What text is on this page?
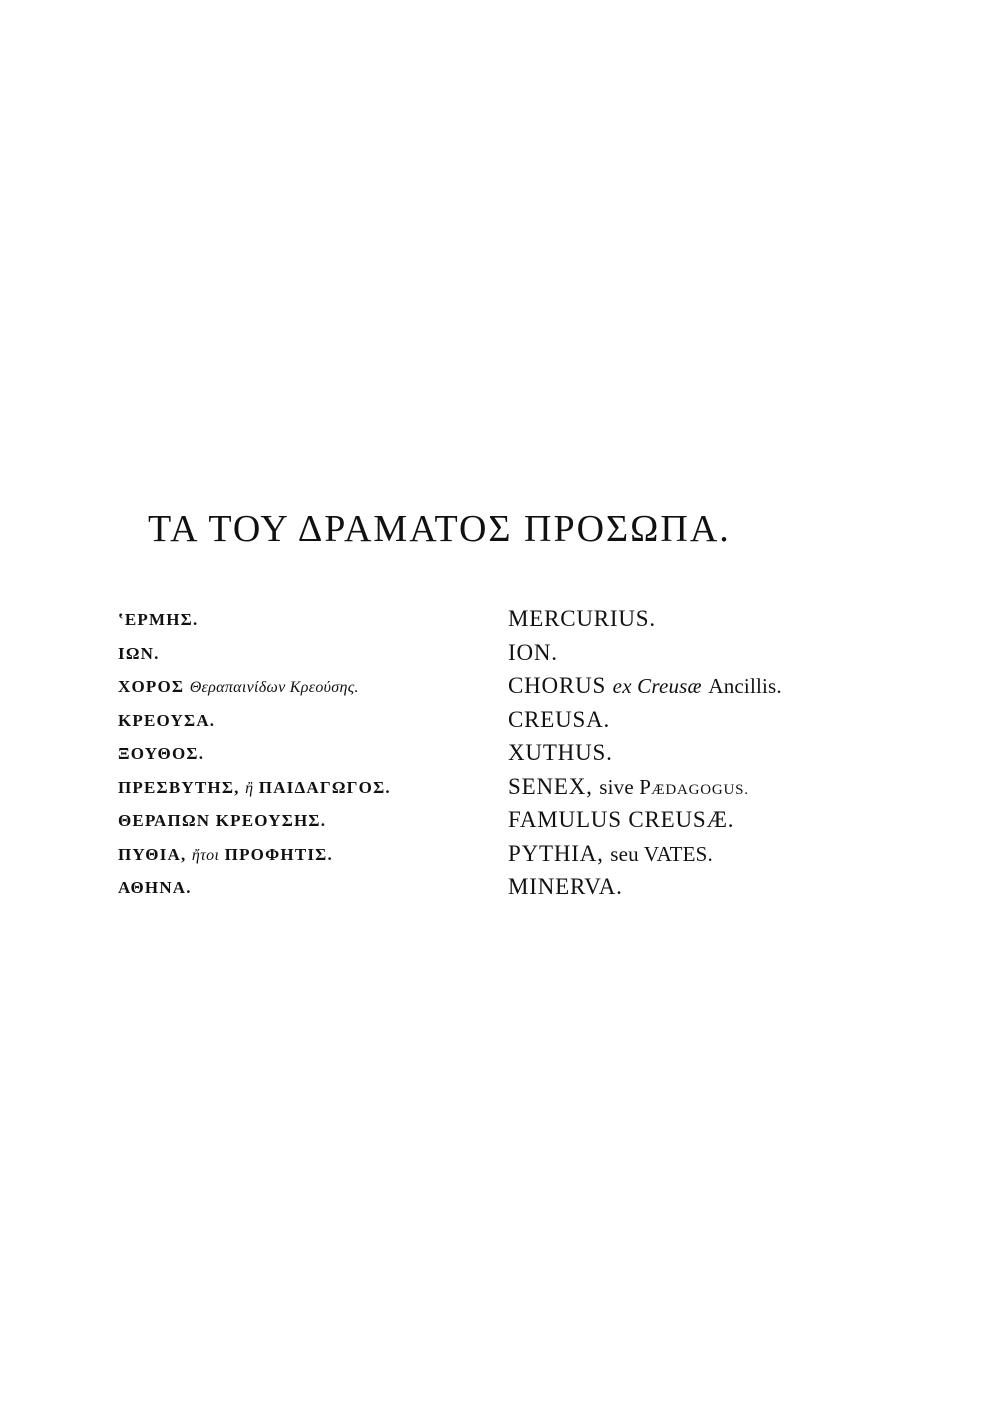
ΤΑ ΤΟΥ ΔΡΑΜΑΤΟΣ ΠΡΟΣΩΠΑ.
ʽΕΡΜΗΣ.	MERCURIUS.
ΙΩΝ.	ION.
ΧΟΡΟΣ Θεραπαινίδων Κρεούσης.	CHORUS ex Creusæ Ancillis.
ΚΡΕΟΥΣΑ.	CREUSA.
ΞΟΥΘΟΣ.	XUTHUS.
ΠΡΕΣΒΥΤΗΣ, ἢ ΠΑΙΔΑΓΩΓΟΣ.	SENEX, sive PÆDAGOGUS.
ΘΕΡΑΠΩΝ ΚΡΕΟΥΣΗΣ.	FAMULUS CREUSÆ.
ΠΥΘΙΑ, ἤτοι ΠΡΟΦΗΤΙΣ.	PYTHIA, seu VATES.
ΑΘΗΝΑ.	MINERVA.
